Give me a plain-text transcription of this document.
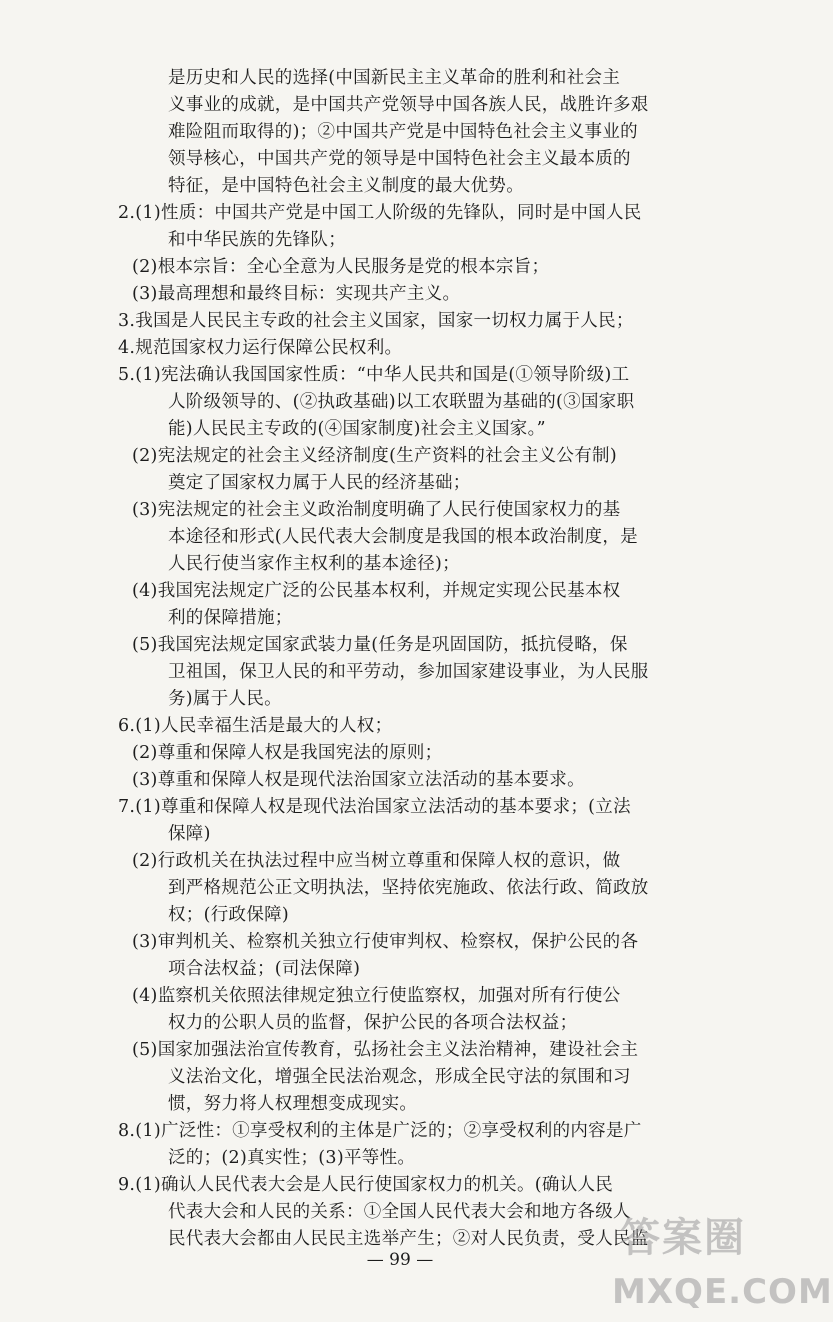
是历史和人民的选择(中国新民主主义革命的胜利和社会主
义事业的成就，是中国共产党领导中国各族人民，战胜许多艰
难险阻而取得的)；②中国共产党是中国特色社会主义事业的
领导核心，中国共产党的领导是中国特色社会主义最本质的
特征，是中国特色社会主义制度的最大优势。
2.(1)性质：中国共产党是中国工人阶级的先锋队，同时是中国人民
和中华民族的先锋队；
(2)根本宗旨：全心全意为人民服务是党的根本宗旨；
(3)最高理想和最终目标：实现共产主义。
3.我国是人民民主专政的社会主义国家，国家一切权力属于人民；
4.规范国家权力运行保障公民权利。
5.(1)宪法确认我国国家性质：“中华人民共和国是(①领导阶级)工
人阶级领导的、(②执政基础)以工农联盟为基础的(③国家职
能)人民民主专政的(④国家制度)社会主义国家。”
(2)宪法规定的社会主义经济制度(生产资料的社会主义公有制)
奠定了国家权力属于人民的经济基础；
(3)宪法规定的社会主义政治制度明确了人民行使国家权力的基
本途径和形式(人民代表大会制度是我国的根本政治制度，是
人民行使当家作主权利的基本途径)；
(4)我国宪法规定广泛的公民基本权利，并规定实现公民基本权
利的保障措施；
(5)我国宪法规定国家武装力量(任务是巩固国防，抵抗侵略，保
卫祖国，保卫人民的和平劳动，参加国家建设事业，为人民服
务)属于人民。
6.(1)人民幸福生活是最大的人权；
(2)尊重和保障人权是我国宪法的原则；
(3)尊重和保障人权是现代法治国家立法活动的基本要求。
7.(1)尊重和保障人权是现代法治国家立法活动的基本要求；(立法
保障)
(2)行政机关在执法过程中应当树立尊重和保障人权的意识，做
到严格规范公正文明执法，坚持依宪施政、依法行政、简政放
权；(行政保障)
(3)审判机关、检察机关独立行使审判权、检察权，保护公民的各
项合法权益；(司法保障)
(4)监察机关依照法律规定独立行使监察权，加强对所有行使公
权力的公职人员的监督，保护公民的各项合法权益；
(5)国家加强法治宣传教育，弘扬社会主义法治精神，建设社会主
义法治文化，增强全民法治观念，形成全民守法的氛围和习
惯，努力将人权理想变成现实。
8.(1)广泛性：①享受权利的主体是广泛的；②享受权利的内容是广
泛的；(2)真实性；(3)平等性。
9.(1)确认人民代表大会是人民行使国家权力的机关。(确认人民
代表大会和人民的关系：①全国人民代表大会和地方各级人
民代表大会都由人民民主选举产生；②对人民负责，受人民监
— 99 —	答案圈
MXQE.COM
